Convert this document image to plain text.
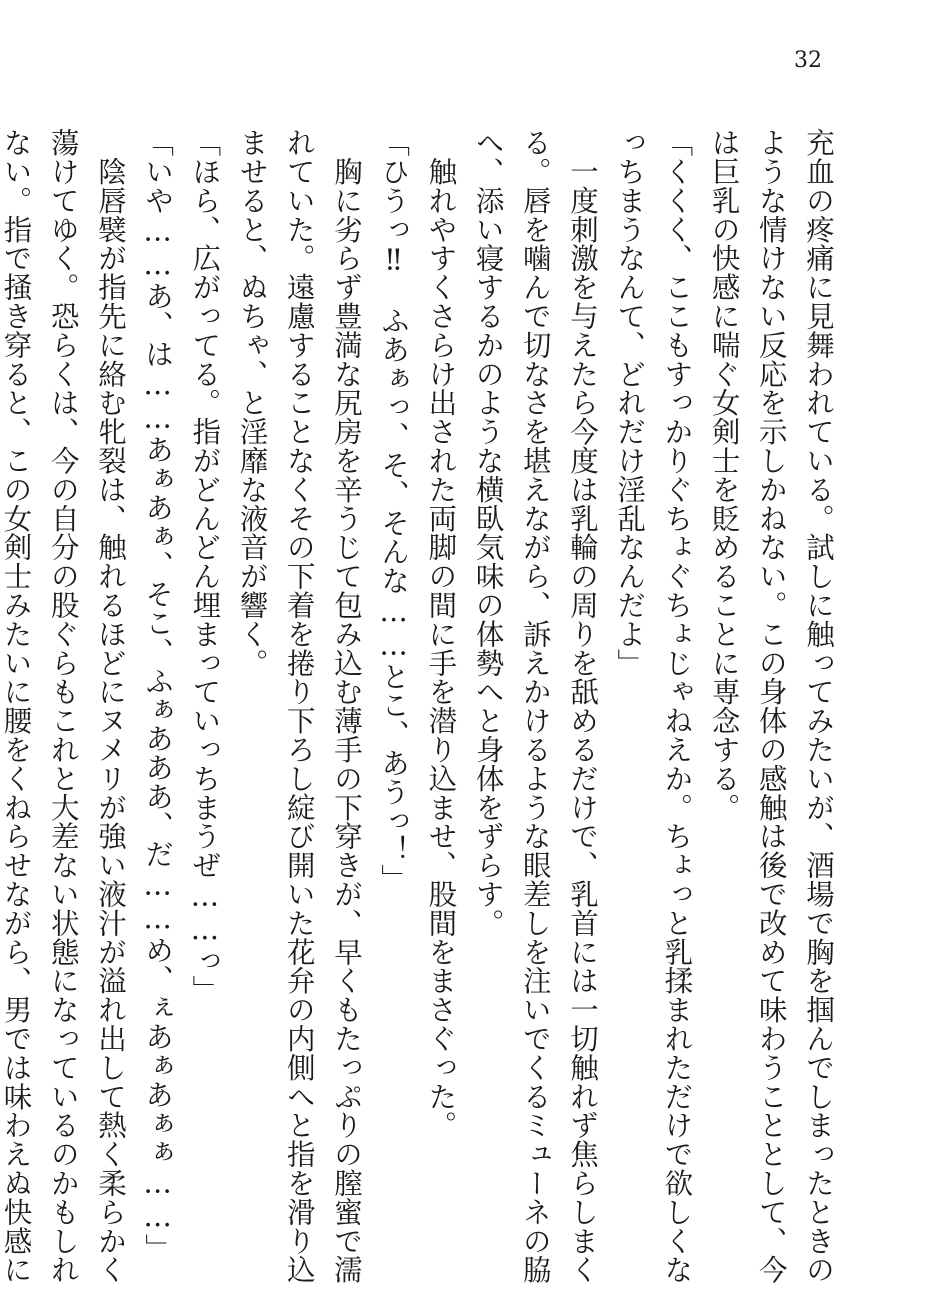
32
充血の疼痛に見舞われている。試しに触ってみたいが、酒場で胸を掴んでしまったときの
ような情けない反応を示しかねない。この身体の感触は後で改めて味わうこととして、今
は巨乳の快感に喘ぐ女剣士を貶めることに専念する。
「くくく、ここもすっかりぐちょぐちょじゃねえか。ちょっと乳揉まれただけで欲しくな
っちまうなんて、どれだけ淫乱なんだよ」
　一度刺激を与えたら今度は乳輪の周りを舐めるだけで、乳首には一切触れず焦らしまく
る。唇を噛んで切なさを堪えながら、訴えかけるような眼差しを注いでくるミューネの脇
へ、添い寝するかのような横臥気味の体勢へと身体をずらす。
　触れやすくさらけ出された両脚の間に手を潜り込ませ、股間をまさぐった。
「ひうっ‼　ふあぁっ、そ、そんな……とこ、あうっ！」
　胸に劣らず豊満な尻房を辛うじて包み込む薄手の下穿きが、早くもたっぷりの膣蜜で濡
れていた。遠慮することなくその下着を捲り下ろし綻び開いた花弁の内側へと指を滑り込
ませると、ぬちゃ、と淫靡な液音が響く。
「ほら、広がってる。指がどんどん埋まっていっちまうぜ……っ」
「いや……あ、は……あぁあぁ、そこ、ふぁあああ、だ……め、ぇあぁあぁぁ……」
　陰唇襞が指先に絡む牝裂は、触れるほどにヌメリが強い液汁が溢れ出して熱く柔らかく
蕩けてゆく。恐らくは、今の自分の股ぐらもこれと大差ない状態になっているのかもしれ
ない。指で掻き穿ると、この女剣士みたいに腰をくねらせながら、男では味わえぬ快感に
